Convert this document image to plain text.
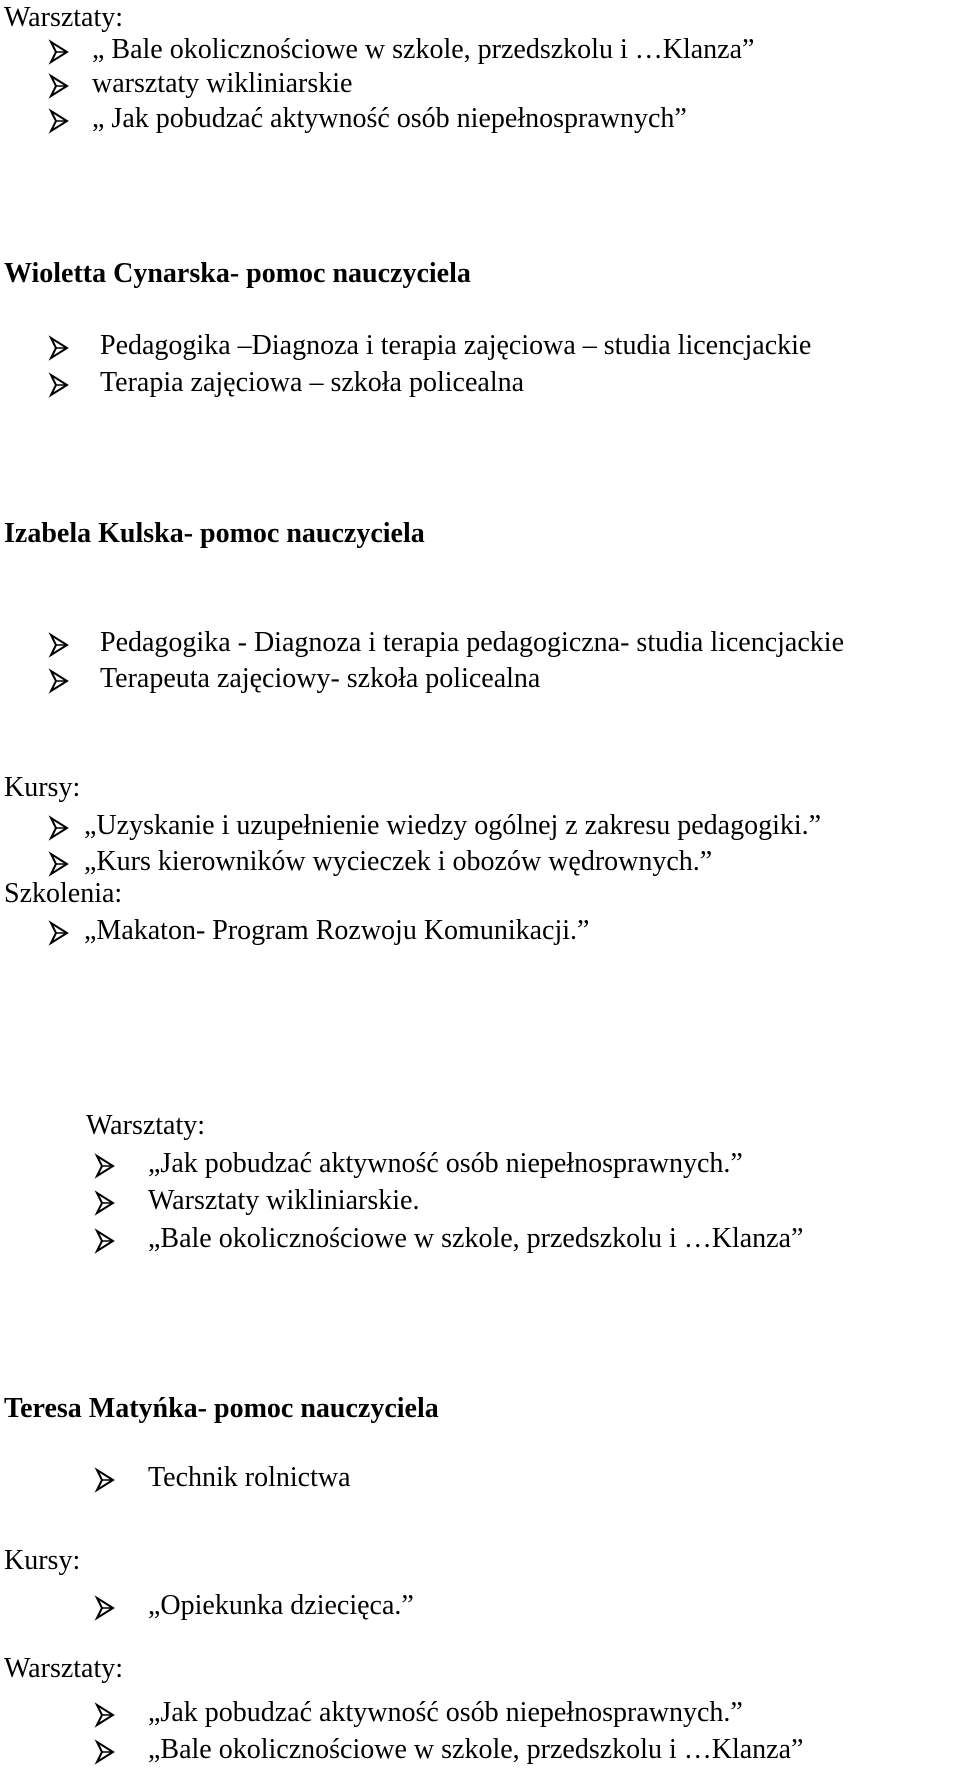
Warsztaty:
„ Bale okolicznościowe w szkole, przedszkolu i …Klanza”
warsztaty wikliniarskie
„ Jak pobudzać aktywność osób niepełnosprawnych”
Wioletta Cynarska- pomoc nauczyciela
Pedagogika –Diagnoza i terapia zajęciowa – studia licencjackie
Terapia zajęciowa – szkoła policealna
Izabela Kulska- pomoc nauczyciela
Pedagogika - Diagnoza i terapia pedagogiczna- studia licencjackie
Terapeuta zajęciowy- szkoła policealna
Kursy:
„Uzyskanie i uzupełnienie wiedzy ogólnej z zakresu pedagogiki.”
„Kurs kierowników wycieczek i obozów wędrownych.”
Szkolenia:
„Makaton- Program Rozwoju Komunikacji.”
Warsztaty:
„Jak pobudzać aktywność osób niepełnosprawnych.”
Warsztaty wikliniarskie.
„Bale okolicznościowe w szkole, przedszkolu i …Klanza”
Teresa Matyńka- pomoc nauczyciela
Technik rolnictwa
Kursy:
„Opiekunka dziecięca.”
Warsztaty:
„Jak pobudzać aktywność osób niepełnosprawnych.”
„Bale okolicznościowe w szkole, przedszkolu i …Klanza”
